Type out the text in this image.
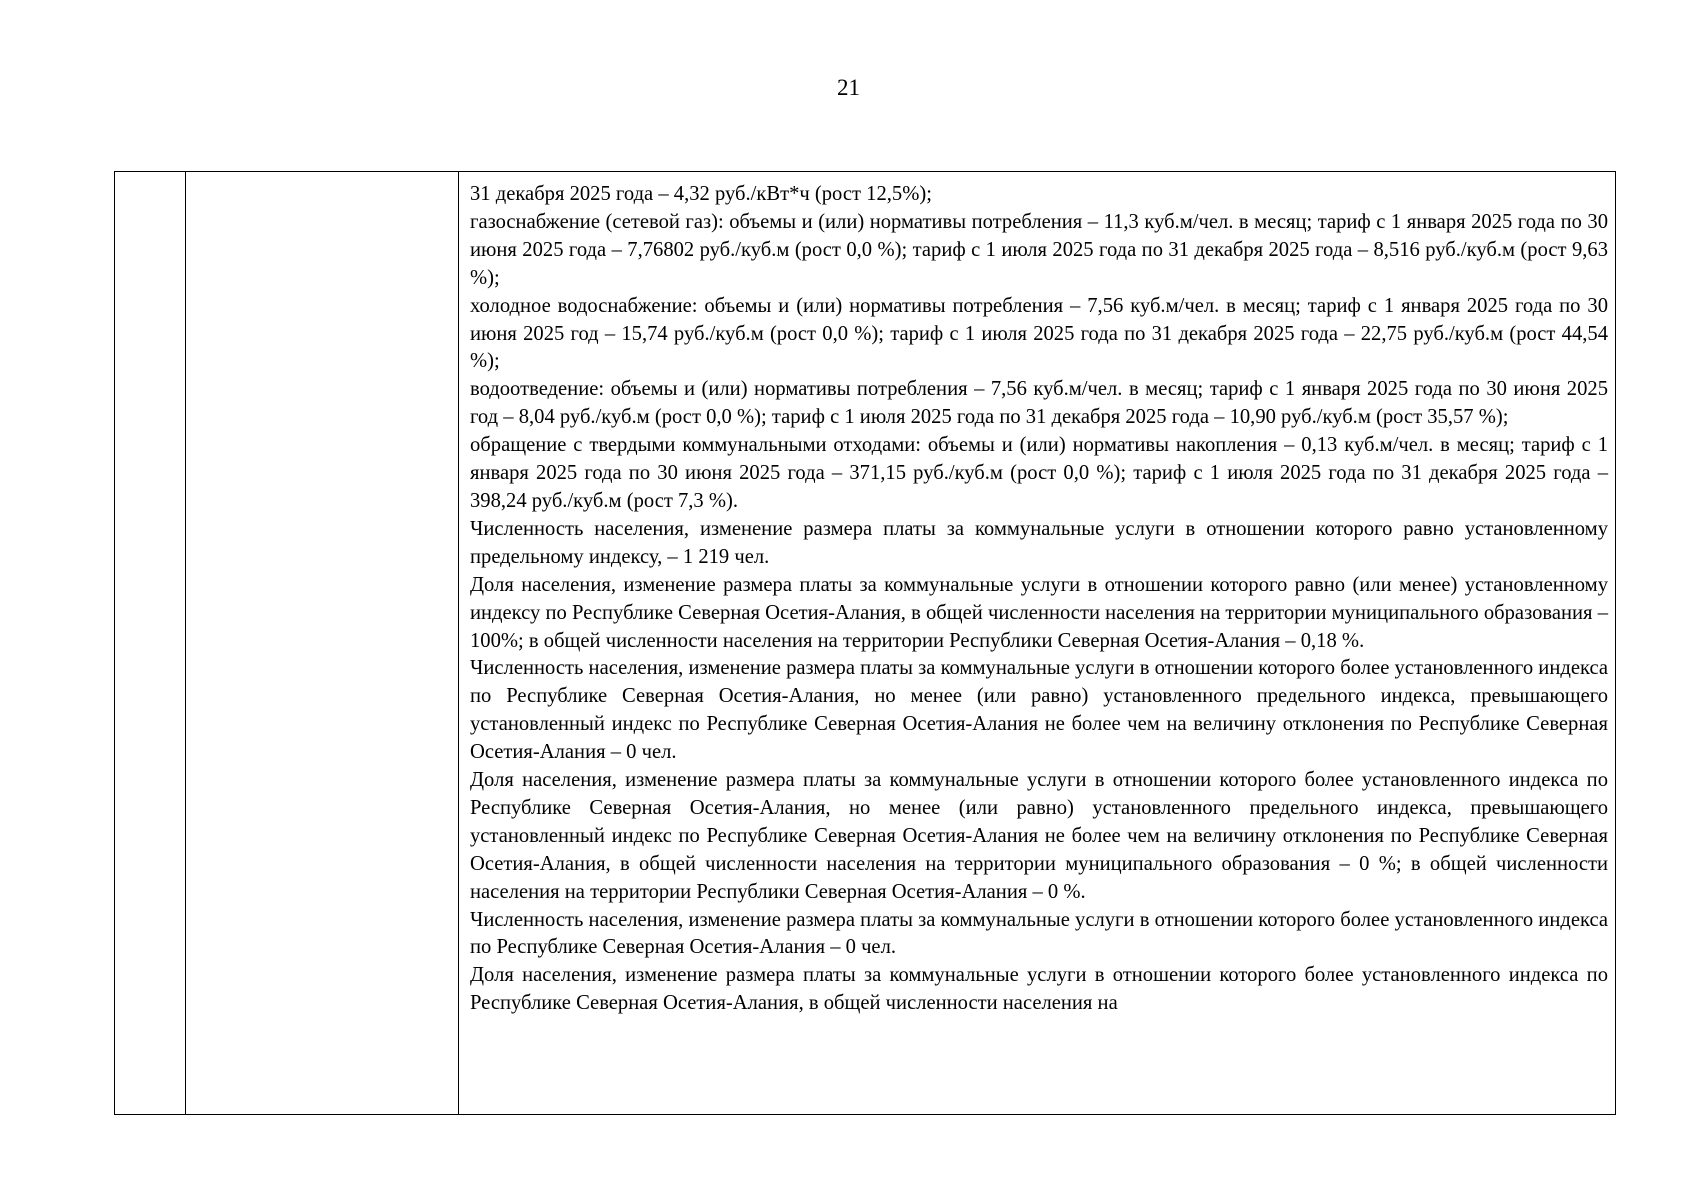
21

31 декабря 2025 года – 4,32 руб./кВт*ч (рост 12,5%);

газоснабжение (сетевой газ): объемы и (или) нормативы потребления – 11,3 куб.м/чел. в месяц; тариф с 1 января 2025 года по 30 июня 2025 года – 7,76802 руб./куб.м (рост 0,0 %); тариф с 1 июля 2025 года по 31 декабря 2025 года – 8,516 руб./куб.м (рост 9,63 %);

холодное водоснабжение: объемы и (или) нормативы потребления – 7,56 куб.м/чел. в месяц; тариф с 1 января 2025 года по 30 июня 2025 год – 15,74 руб./куб.м (рост 0,0 %); тариф с 1 июля 2025 года по 31 декабря 2025 года – 22,75 руб./куб.м (рост 44,54 %);

водоотведение: объемы и (или) нормативы потребления – 7,56 куб.м/чел. в месяц; тариф с 1 января 2025 года по 30 июня 2025 год – 8,04 руб./куб.м (рост 0,0 %); тариф с 1 июля 2025 года по 31 декабря 2025 года – 10,90 руб./куб.м (рост 35,57 %);

обращение с твердыми коммунальными отходами: объемы и (или) нормативы накопления – 0,13 куб.м/чел. в месяц; тариф с 1 января 2025 года по 30 июня 2025 года – 371,15 руб./куб.м (рост 0,0 %); тариф с 1 июля 2025 года по 31 декабря 2025 года –398,24 руб./куб.м (рост 7,3 %).

Численность населения, изменение размера платы за коммунальные услуги в отношении которого равно установленному предельному индексу, – 1 219 чел.

Доля населения, изменение размера платы за коммунальные услуги в отношении которого равно (или менее) установленному индексу по Республике Северная Осетия-Алания, в общей численности населения на территории муниципального образования – 100%; в общей численности населения на территории Республики Северная Осетия-Алания – 0,18 %.

Численность населения, изменение размера платы за коммунальные услуги в отношении которого более установленного индекса по Республике Северная Осетия-Алания, но менее (или равно) установленного предельного индекса, превышающего установленный индекс по Республике Северная Осетия-Алания не более чем на величину отклонения по Республике Северная Осетия-Алания – 0 чел.

Доля населения, изменение размера платы за коммунальные услуги в отношении которого более установленного индекса по Республике Северная Осетия-Алания, но менее (или равно) установленного предельного индекса, превышающего установленный индекс по Республике Северная Осетия-Алания не более чем на величину отклонения по Республике Северная Осетия-Алания, в общей численности населения на территории муниципального образования – 0 %; в общей численности населения на территории Республики Северная Осетия-Алания – 0 %.

Численность населения, изменение размера платы за коммунальные услуги в отношении которого более установленного индекса по Республике Северная Осетия-Алания – 0 чел.

Доля населения, изменение размера платы за коммунальные услуги в отношении которого более установленного индекса по Республике Северная Осетия-Алания, в общей численности населения на
